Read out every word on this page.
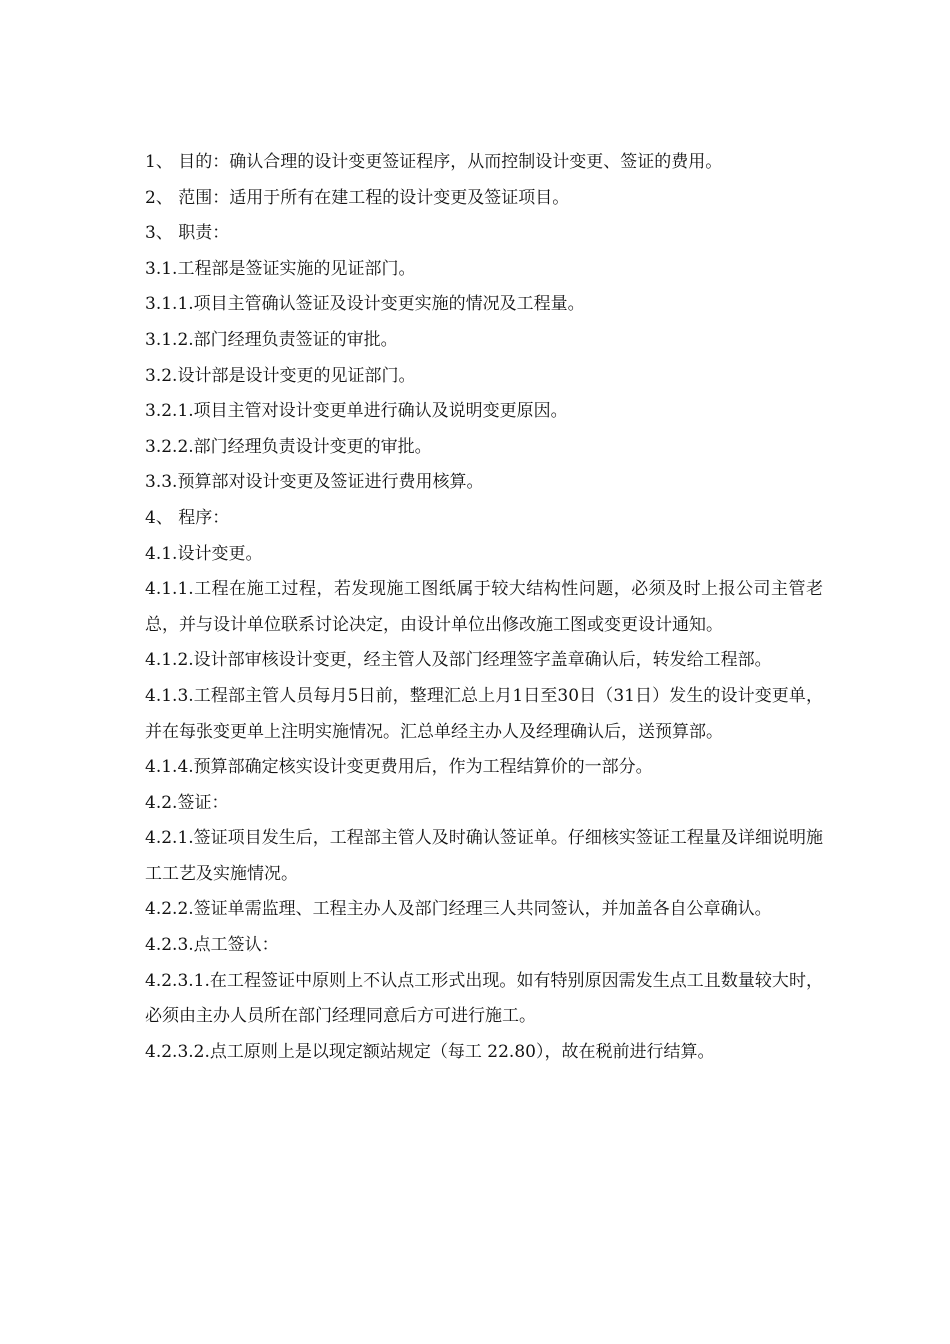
1、 目的：确认合理的设计变更签证程序，从而控制设计变更、签证的费用。

2、 范围：适用于所有在建工程的设计变更及签证项目。

3、 职责：

3.1.工程部是签证实施的见证部门。

3.1.1.项目主管确认签证及设计变更实施的情况及工程量。

3.1.2.部门经理负责签证的审批。

3.2.设计部是设计变更的见证部门。

3.2.1.项目主管对设计变更单进行确认及说明变更原因。

3.2.2.部门经理负责设计变更的审批。

3.3.预算部对设计变更及签证进行费用核算。

4、 程序：

4.1.设计变更。

4.1.1.工程在施工过程，若发现施工图纸属于较大结构性问题，必须及时上报公司主管老总，并与设计单位联系讨论决定，由设计单位出修改施工图或变更设计通知。

4.1.2.设计部审核设计变更，经主管人及部门经理签字盖章确认后，转发给工程部。

4.1.3.工程部主管人员每月5日前，整理汇总上月1日至30日（31日）发生的设计变更单，并在每张变更单上注明实施情况。汇总单经主办人及经理确认后，送预算部。

4.1.4.预算部确定核实设计变更费用后，作为工程结算价的一部分。

4.2.签证：

4.2.1.签证项目发生后，工程部主管人及时确认签证单。仔细核实签证工程量及详细说明施工工艺及实施情况。

4.2.2.签证单需监理、工程主办人及部门经理三人共同签认，并加盖各自公章确认。

4.2.3.点工签认：

4.2.3.1.在工程签证中原则上不认点工形式出现。如有特别原因需发生点工且数量较大时，必须由主办人员所在部门经理同意后方可进行施工。

4.2.3.2.点工原则上是以现定额站规定（每工 22.80），故在税前进行结算。
